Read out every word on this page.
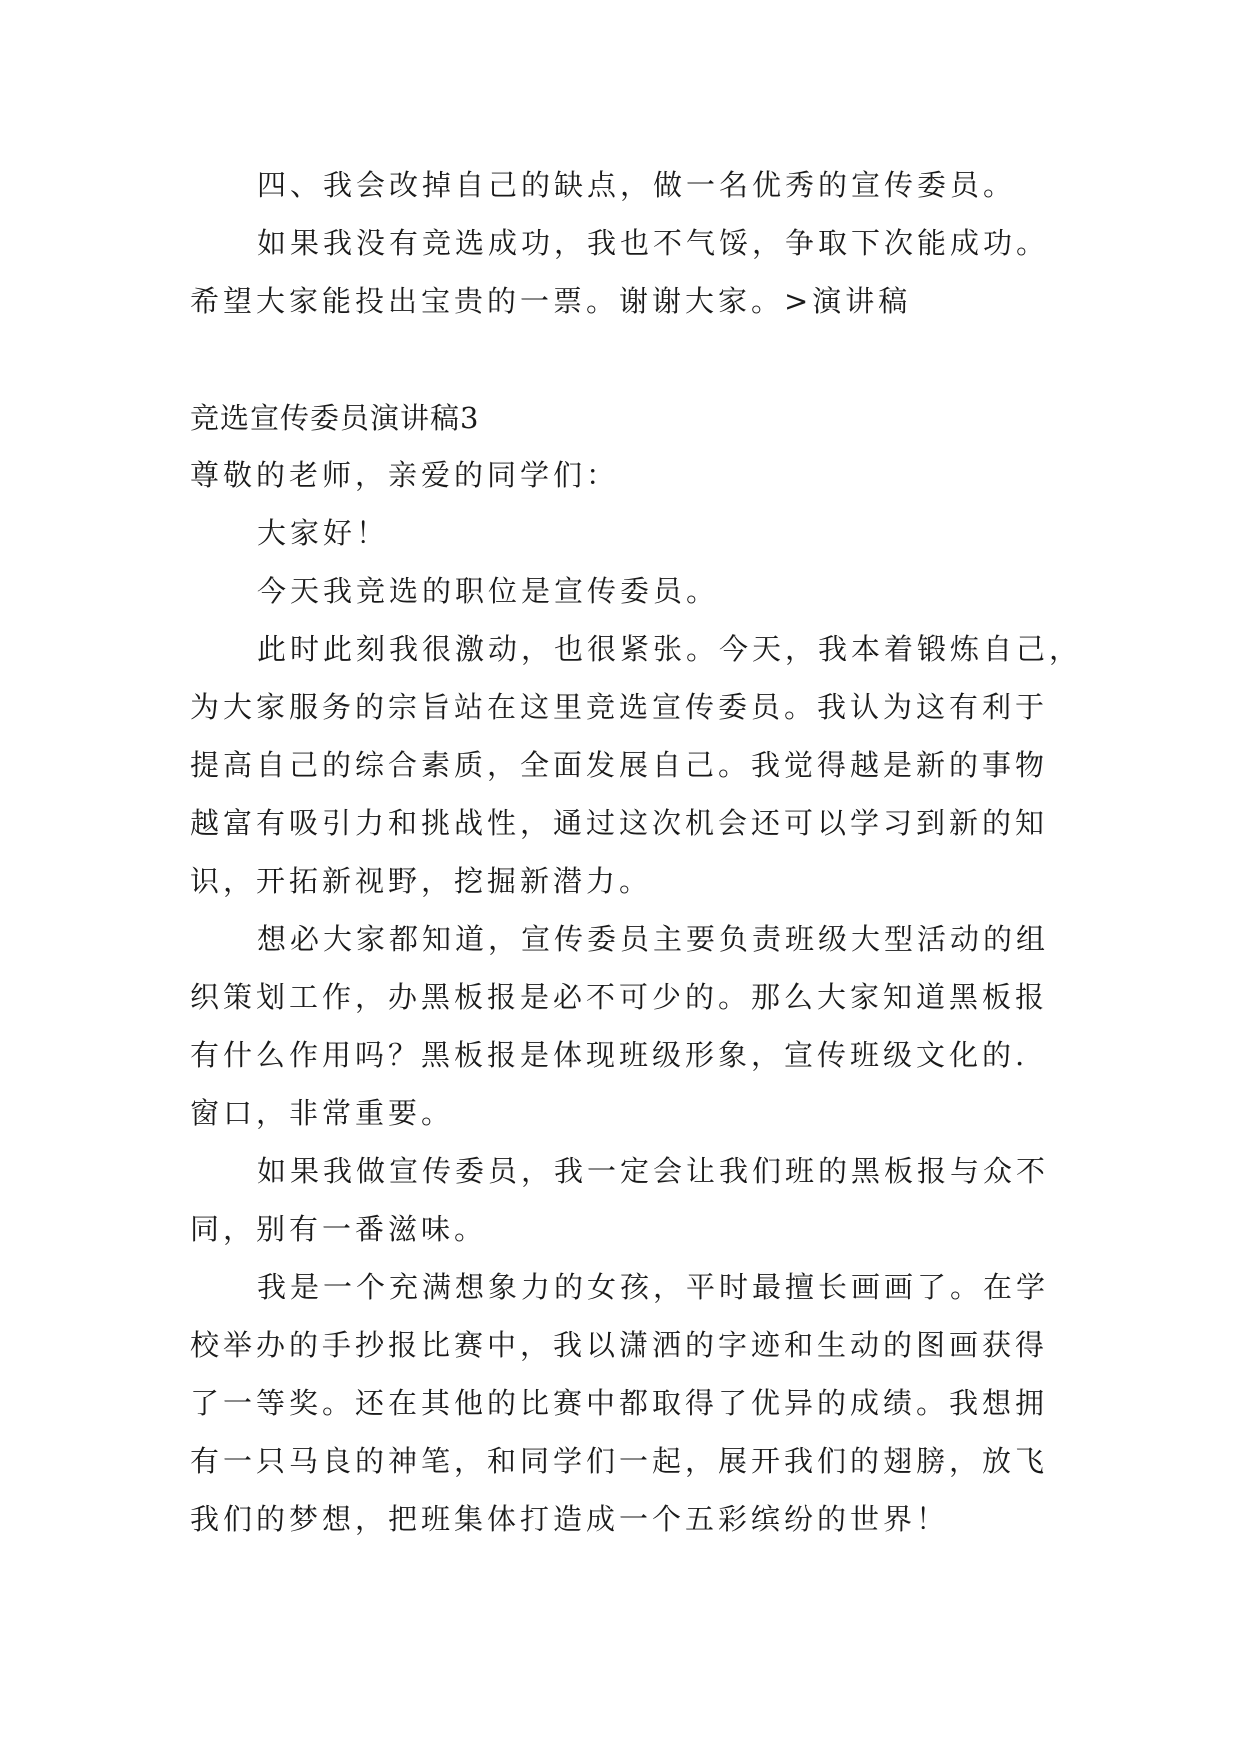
四、我会改掉自己的缺点，做一名优秀的宣传委员。
如果我没有竞选成功，我也不气馁，争取下次能成功。
希望大家能投出宝贵的一票。谢谢大家。>演讲稿
竞选宣传委员演讲稿3
尊敬的老师，亲爱的同学们：
大家好！
今天我竞选的职位是宣传委员。
此时此刻我很激动，也很紧张。今天，我本着锻炼自己，
为大家服务的宗旨站在这里竞选宣传委员。我认为这有利于
提高自己的综合素质，全面发展自己。我觉得越是新的事物
越富有吸引力和挑战性，通过这次机会还可以学习到新的知
识，开拓新视野，挖掘新潜力。
想必大家都知道，宣传委员主要负责班级大型活动的组
织策划工作，办黑板报是必不可少的。那么大家知道黑板报
有什么作用吗？黑板报是体现班级形象，宣传班级文化的.
窗口，非常重要。
如果我做宣传委员，我一定会让我们班的黑板报与众不
同，别有一番滋味。
我是一个充满想象力的女孩，平时最擅长画画了。在学
校举办的手抄报比赛中，我以潇洒的字迹和生动的图画获得
了一等奖。还在其他的比赛中都取得了优异的成绩。我想拥
有一只马良的神笔，和同学们一起，展开我们的翅膀，放飞
我们的梦想，把班集体打造成一个五彩缤纷的世界！
